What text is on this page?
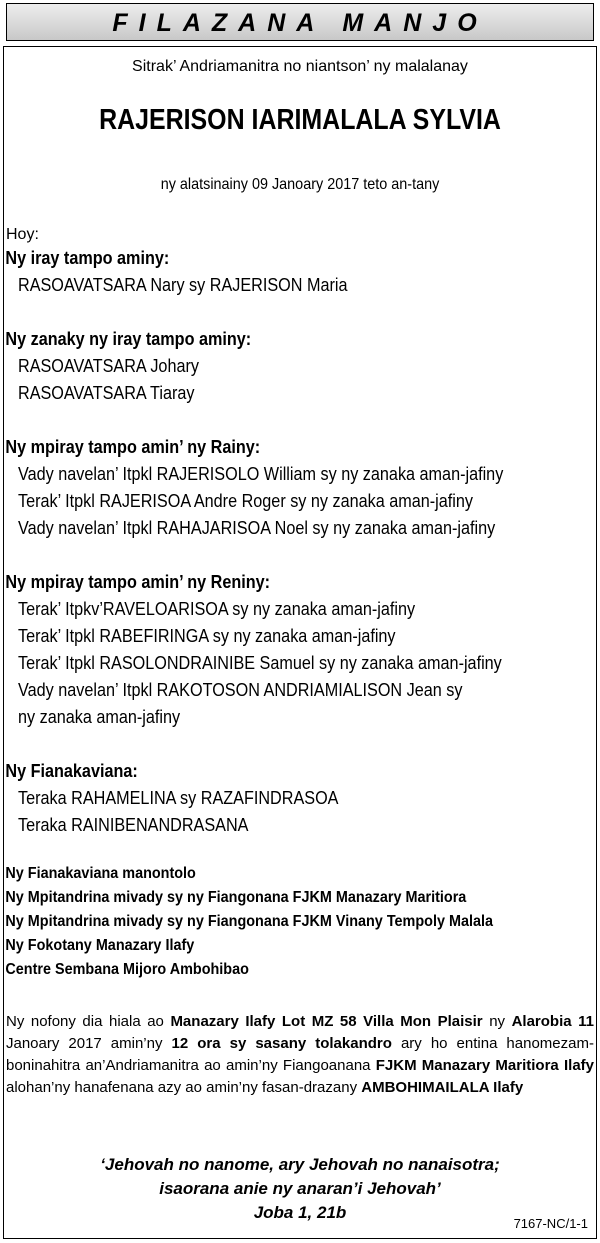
FILAZANA MANJO
Sitrak’ Andriamanitra no niantson’ ny malalanay
RAJERISON IARIMALALA SYLVIA
ny alatsinainy 09 Janoary 2017 teto an-tany
Hoy:
Ny iray tampo aminy:
RASOAVATSARA Nary sy RAJERISON Maria
Ny zanaky ny iray tampo aminy:
RASOAVATSARA Johary
RASOAVATSARA Tiaray
Ny mpiray tampo amin’ ny Rainy:
Vady navelan’ Itpkl RAJERISOLO William sy ny zanaka aman-jafiny
Terak’ Itpkl RAJERISOA Andre Roger sy ny zanaka aman-jafiny
Vady navelan’ Itpkl RAHAJARISOA Noel sy ny zanaka aman-jafiny
Ny mpiray tampo amin’ ny Reniny:
Terak’ Itpkv’RAVELOARISOA sy ny zanaka aman-jafiny
Terak’ Itpkl RABEFIRINGA sy ny zanaka aman-jafiny
Terak’ Itpkl RASOLONDRAINIBE Samuel sy ny zanaka aman-jafiny
Vady navelan’ Itpkl RAKOTOSON ANDRIAMIALISON Jean sy
ny zanaka aman-jafiny
Ny Fianakaviana:
Teraka RAHAMELINA sy RAZAFINDRASOA
Teraka RAINIBENANDRASANA
Ny Fianakaviana manontolo
Ny Mpitandrina mivady sy ny Fiangonana FJKM Manazary Maritiora
Ny Mpitandrina mivady sy ny Fiangonana FJKM Vinany Tempoly Malala
Ny Fokotany Manazary Ilafy
Centre Sembana Mijoro Ambohibao
Ny nofony dia hiala ao Manazary Ilafy Lot MZ 58 Villa Mon Plaisir ny Alarobia 11 Janoary 2017 amin’ny 12 ora sy sasany tolakandro ary ho entina hanomezam-boninahitra an’Andriamanitra ao amin’ny Fiangoanana FJKM Manazary Maritiora Ilafy alohan’ny hanafenana azy ao amin’ny fasan-drazany AMBOHIMAILALA Ilafy
‘Jehovah no nanome, ary Jehovah no nanaisotra;
isaorana anie ny anaran’i Jehovah’
Joba 1, 21b
7167-NC/1-1
